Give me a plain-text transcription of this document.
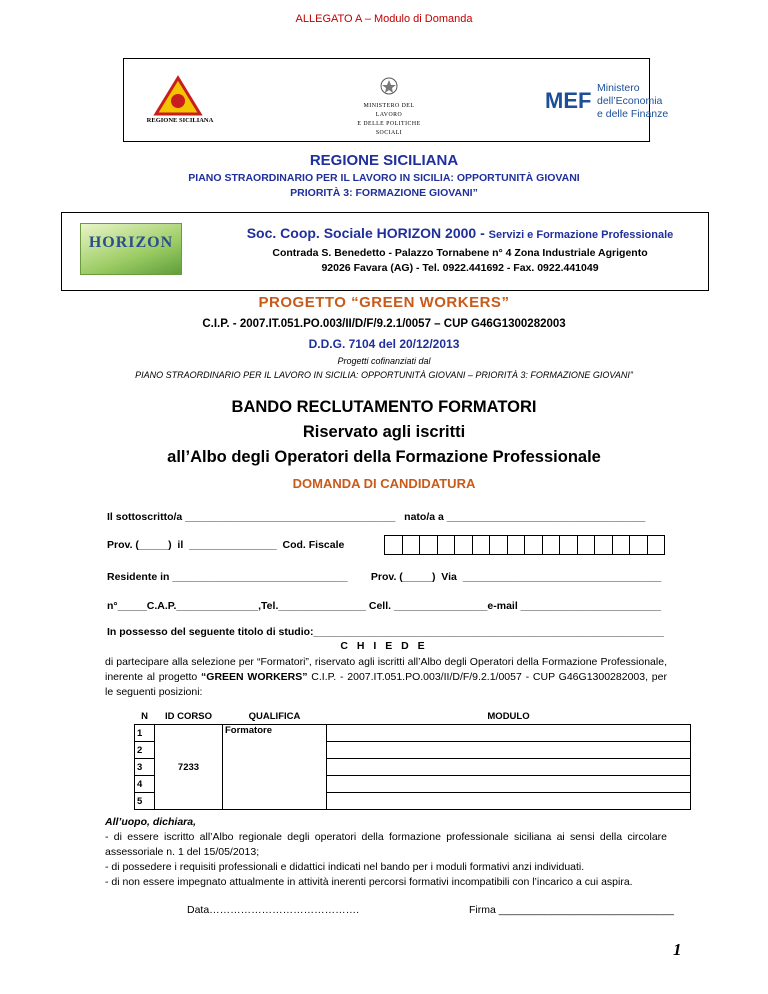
ALLEGATO A – Modulo di Domanda
REGIONE SICILIANA
MINISTERO DEL LAVORO
E DELLE POLITICHE SOCIALI
MEF Ministero
dell’Economia
e delle Finanze
REGIONE SICILIANA
PIANO STRAORDINARIO PER IL LAVORO IN SICILIA: OPPORTUNITÀ GIOVANI
PRIORITÀ 3: FORMAZIONE GIOVANI”
HORIZON
Soc. Coop. Sociale HORIZON 2000 - Servizi e Formazione Professionale
Contrada S. Benedetto - Palazzo Tornabene n° 4 Zona Industriale Agrigento
92026 Favara (AG) - Tel. 0922.441692 - Fax. 0922.441049
PROGETTO “GREEN WORKERS”
C.I.P. - 2007.IT.051.PO.003/II/D/F/9.2.1/0057 – CUP G46G1300282003
D.D.G. 7104 del 20/12/2013
Progetti cofinanziati dal
PIANO STRAORDINARIO PER IL LAVORO IN SICILIA: OPPORTUNITÀ GIOVANI – PRIORITÀ 3: FORMAZIONE GIOVANI”
BANDO RECLUTAMENTO FORMATORI
Riservato agli iscritti
all’Albo degli Operatori della Formazione Professionale
DOMANDA DI CANDIDATURA
Il sottoscritto/a ____________________________________   nato/a a __________________________________
Prov. (_____)  il  _______________  Cod. Fiscale
Residente in ______________________________        Prov. (_____)  Via  __________________________________
n°_____C.A.P.______________,Tel._______________ Cell. ________________e-mail ________________________
In possesso del seguente titolo di studio:____________________________________________________________
C H I E D E
di partecipare alla selezione per “Formatori”, riservato agli iscritti all’Albo degli Operatori della Formazione Professionale, inerente al progetto “GREEN WORKERS” C.I.P. - 2007.IT.051.PO.003/II/D/F/9.2.1/0057 - CUP G46G1300282003, per le seguenti posizioni:
N	ID CORSO	QUALIFICA	MODULO
1	7233	Formatore	
2			
3			
4			
5			
All’uopo, dichiara,
- di essere iscritto all’Albo regionale degli operatori della formazione professionale siciliana ai sensi della circolare assessoriale n. 1 del 15/05/2013;
- di possedere i requisiti professionali e didattici indicati nel bando per i moduli formativi anzi individuati.
- di non essere impegnato attualmente in attività inerenti percorsi formativi incompatibili con l’incarico a cui aspira.
Data…………………………………….	Firma ______________________________
1
